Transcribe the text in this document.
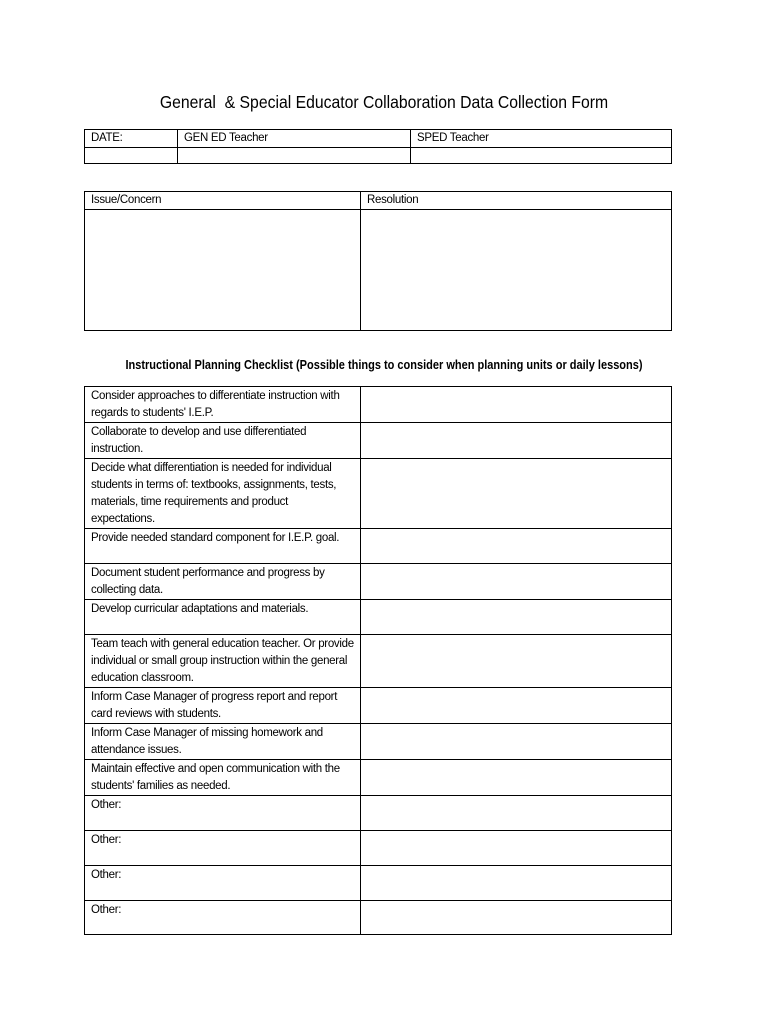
General  & Special Educator Collaboration Data Collection Form
DATE:	GEN ED Teacher	SPED Teacher

Issue/Concern	Resolution

Instructional Planning Checklist (Possible things to consider when planning units or daily lessons)
Consider approaches to differentiate instruction with regards to students' I.E.P.	

Collaborate to develop and use differentiated instruction.	

Decide what differentiation is needed for individual students in terms of: textbooks, assignments, tests, materials, time requirements and product expectations.	

Provide needed standard component for I.E.P. goal.	

Document student performance and progress by collecting data.	

Develop curricular adaptations and materials.	

Team teach with general education teacher. Or provide individual or small group instruction within the general education classroom.	

Inform Case Manager of progress report and report card reviews with students.	

Inform Case Manager of missing homework and attendance issues.	

Maintain effective and open communication with the students' families as needed.	

Other:	

Other:	

Other:	

Other:	
